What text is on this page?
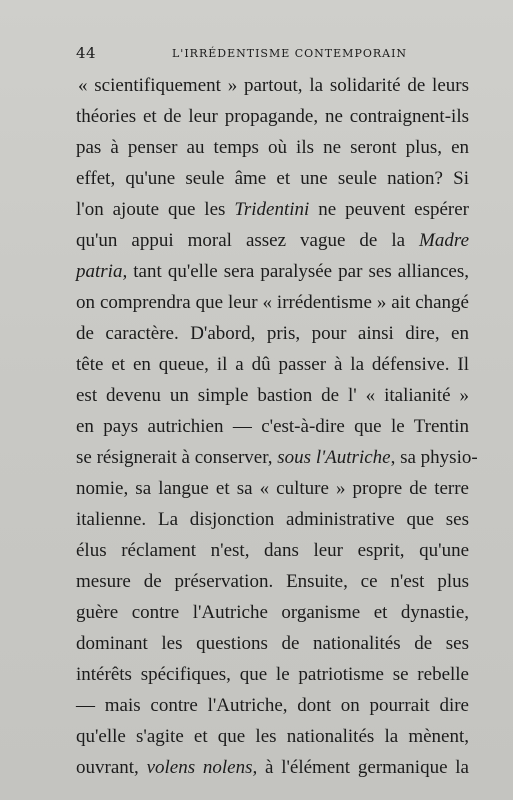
44	L'IRRÉDENTISME CONTEMPORAIN
« scientifiquement » partout, la solidarité de leurs
théories et de leur propagande, ne contraignent-ils
pas à penser au temps où ils ne seront plus, en
effet, qu'une seule âme et une seule nation? Si
l'on ajoute que les Tridentini ne peuvent espérer
qu'un appui moral assez vague de la Madre
patria, tant qu'elle sera paralysée par ses alliances,
on comprendra que leur « irrédentisme » ait changé
de caractère. D'abord, pris, pour ainsi dire, en
tête et en queue, il a dû passer à la défensive. Il
est devenu un simple bastion de l' « italianité »
en pays autrichien — c'est-à-dire que le Trentin
se résignerait à conserver, sous l'Autriche, sa physio-
nomie, sa langue et sa « culture » propre de terre
italienne. La disjonction administrative que ses
élus réclament n'est, dans leur esprit, qu'une
mesure de préservation. Ensuite, ce n'est plus
guère contre l'Autriche organisme et dynastie,
dominant les questions de nationalités de ses
intérêts spécifiques, que le patriotisme se rebelle
— mais contre l'Autriche, dont on pourrait dire
qu'elle s'agite et que les nationalités la mènent,
ouvrant, volens nolens, à l'élément germanique la
